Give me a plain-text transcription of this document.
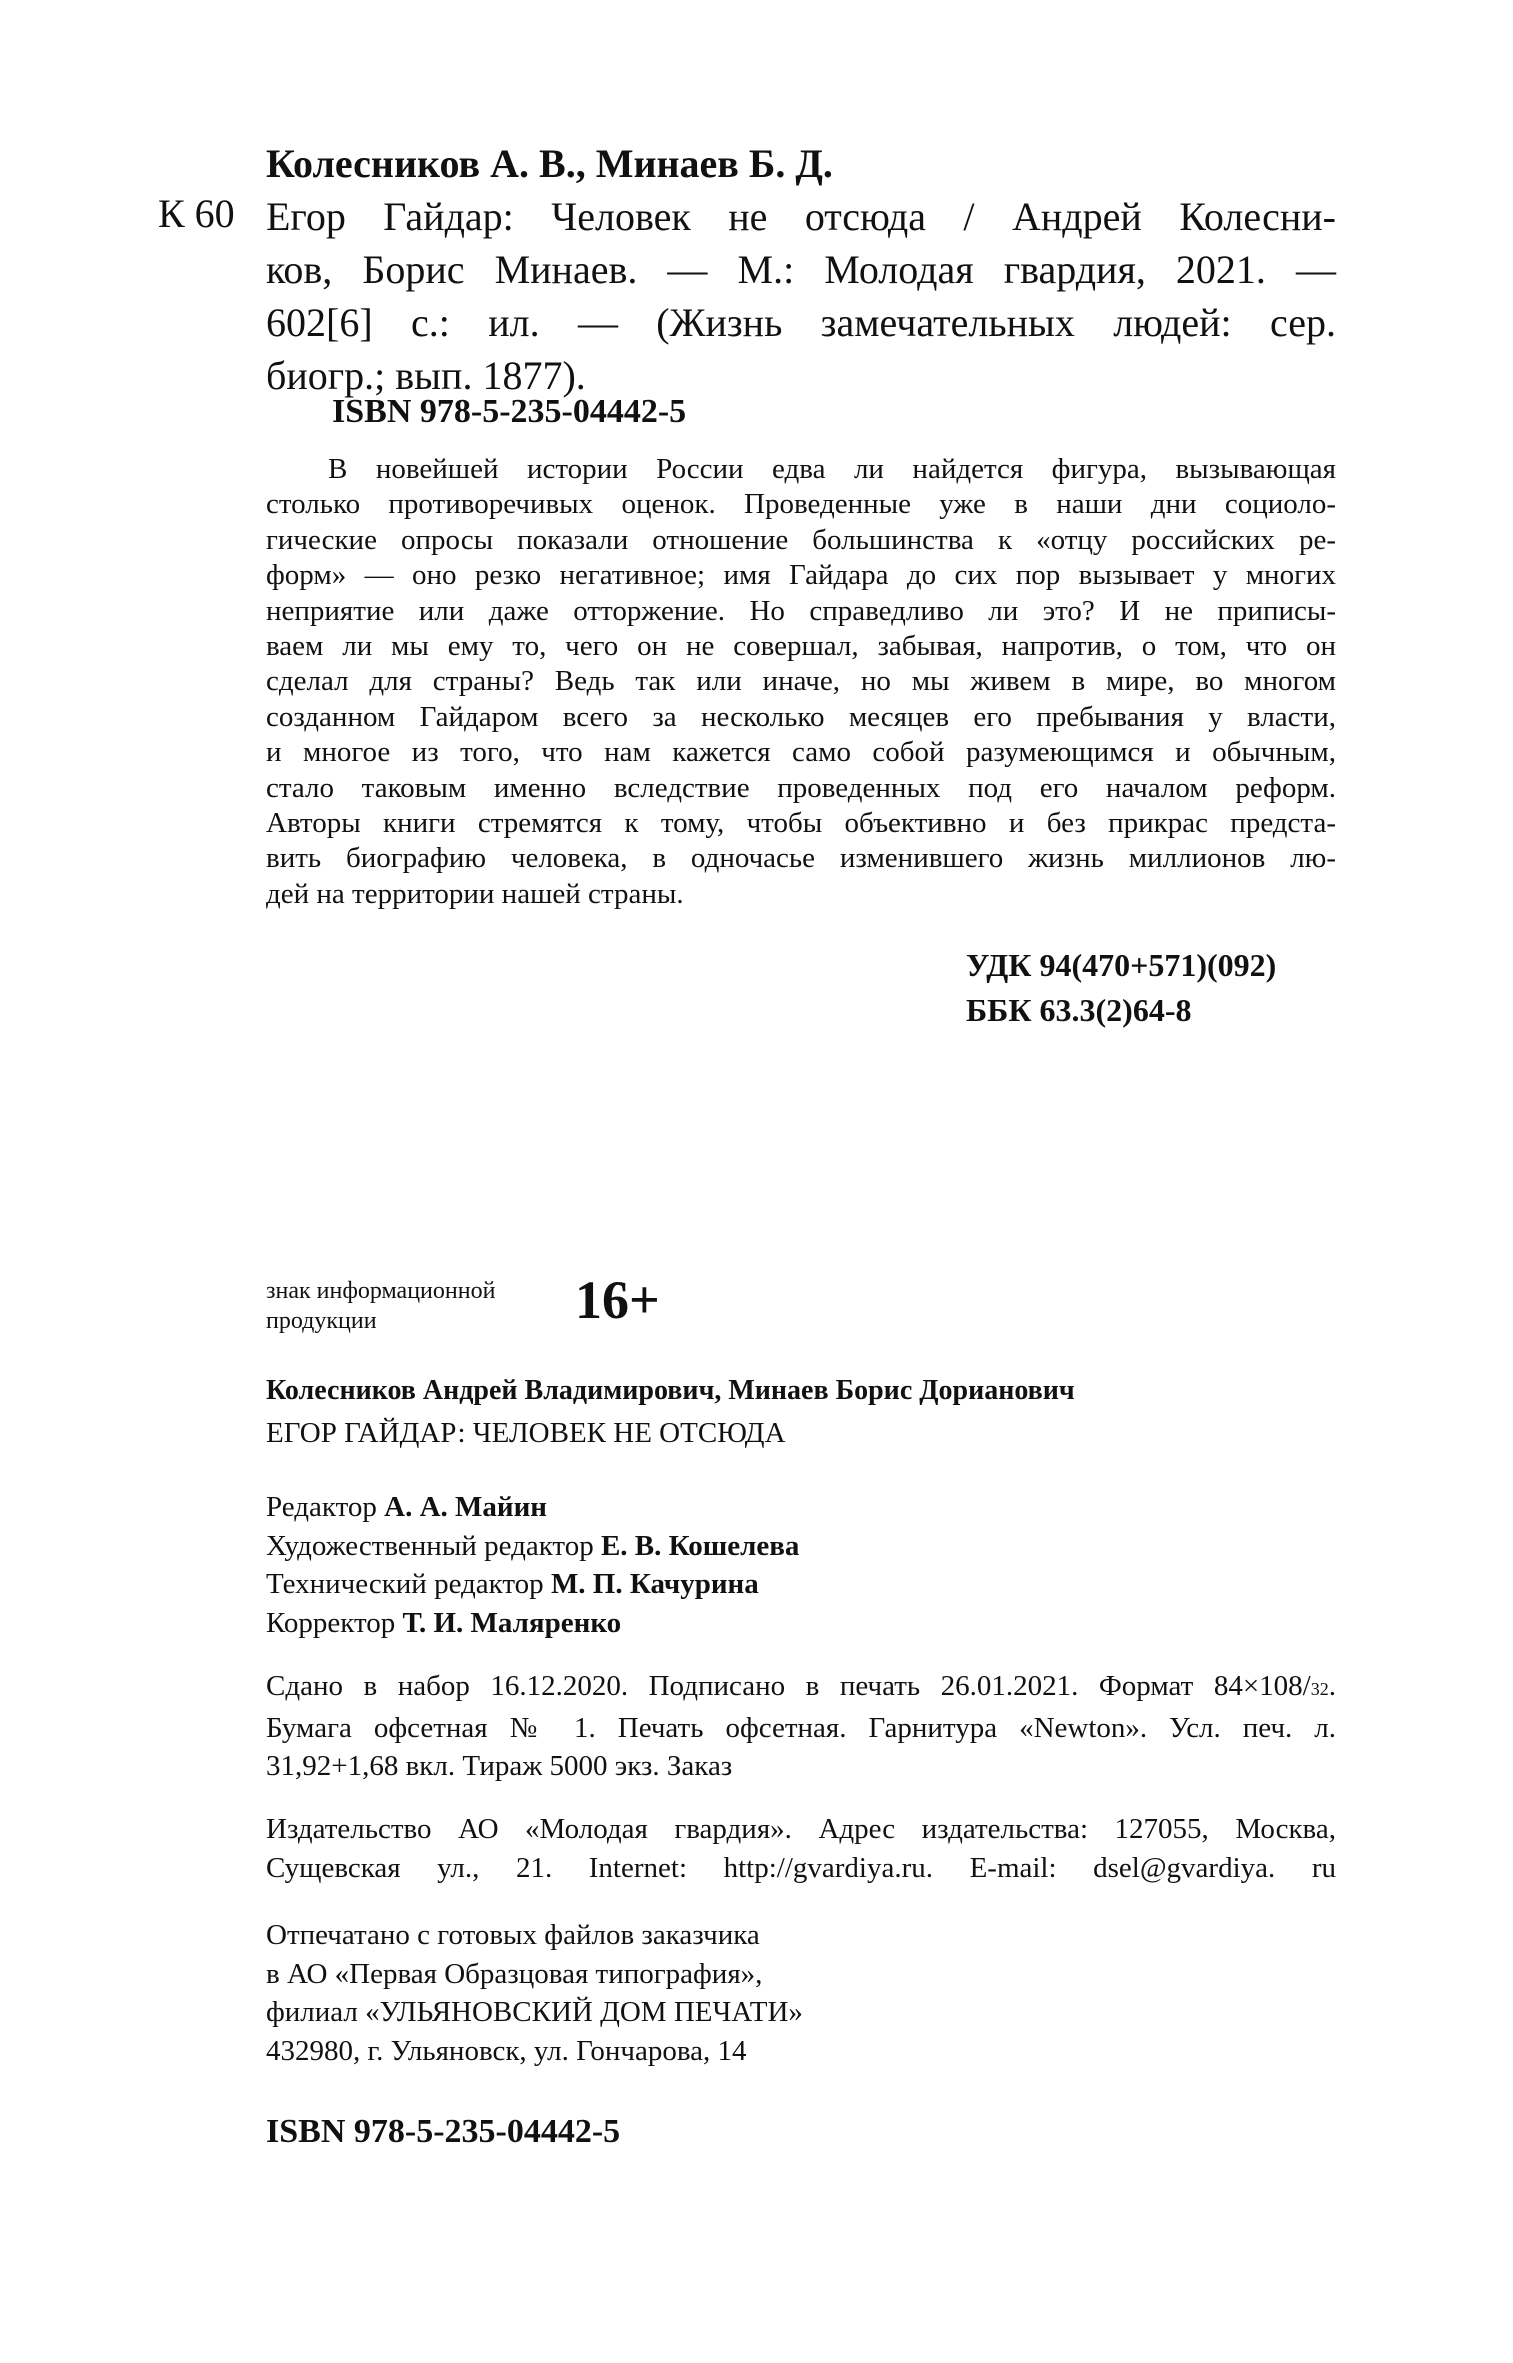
Колесников А. В., Минаев Б. Д.
К 60 Егор Гайдар: Человек не отсюда / Андрей Колесни-
ков, Борис Минаев. — М.: Молодая гвардия, 2021. —
602[6] с.: ил. — (Жизнь замечательных людей: сер.
биогр.; вып. 1877).

ISBN 978-5-235-04442-5

В новейшей истории России едва ли найдется фигура, вызывающая
столько противоречивых оценок. Проведенные уже в наши дни социоло-
гические опросы показали отношение большинства к «отцу российских ре-
форм» — оно резко негативное; имя Гайдара до сих пор вызывает у многих
неприятие или даже отторжение. Но справедливо ли это? И не приписы-
ваем ли мы ему то, чего он не совершал, забывая, напротив, о том, что он
сделал для страны? Ведь так или иначе, но мы живем в мире, во многом
созданном Гайдаром всего за несколько месяцев его пребывания у власти,
и многое из того, что нам кажется само собой разумеющимся и обычным,
стало таковым именно вследствие проведенных под его началом реформ.
Авторы книги стремятся к тому, чтобы объективно и без прикрас предста-
вить биографию человека, в одночасье изменившего жизнь миллионов лю-
дей на территории нашей страны.

УДК 94(470+571)(092)
ББК 63.3(2)64-8

знак информационной
продукции	16+
Колесников Андрей Владимирович, Минаев Борис Дорианович
ЕГОР ГАЙДАР: ЧЕЛОВЕК НЕ ОТСЮДА

Редактор А. А. Майин
Художественный редактор Е. В. Кошелева
Технический редактор М. П. Качурина
Корректор Т. И. Маляренко

Сдано в набор 16.12.2020. Подписано в печать 26.01.2021. Формат 84×108/32.
Бумага офсетная № 1. Печать офсетная. Гарнитура «Newton». Усл. печ. л.
31,92+1,68 вкл. Тираж 5000 экз. Заказ

Издательство АО «Молодая гвардия». Адрес издательства: 127055, Москва,
Сущевская ул., 21. Internet: http://gvardiya.ru. E-mail: dsel@gvardiya. ru

Отпечатано с готовых файлов заказчика
в АО «Первая Образцовая типография»,
филиал «УЛЬЯНОВСКИЙ ДОМ ПЕЧАТИ»
432980, г. Ульяновск, ул. Гончарова, 14

ISBN 978-5-235-04442-5
